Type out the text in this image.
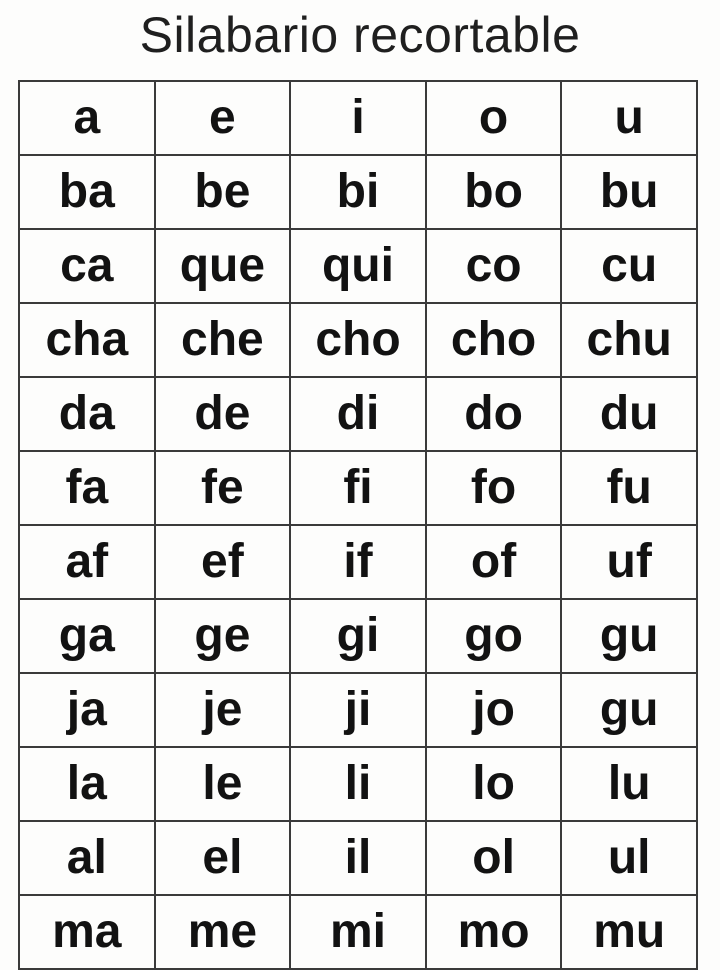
Silabario recortable
a	e	i	o	u
ba	be	bi	bo	bu
ca	que	qui	co	cu
cha	che	cho	cho	chu
da	de	di	do	du
fa	fe	fi	fo	fu
af	ef	if	of	uf
ga	ge	gi	go	gu
ja	je	ji	jo	gu
la	le	li	lo	lu
al	el	il	ol	ul
ma	me	mi	mo	mu
